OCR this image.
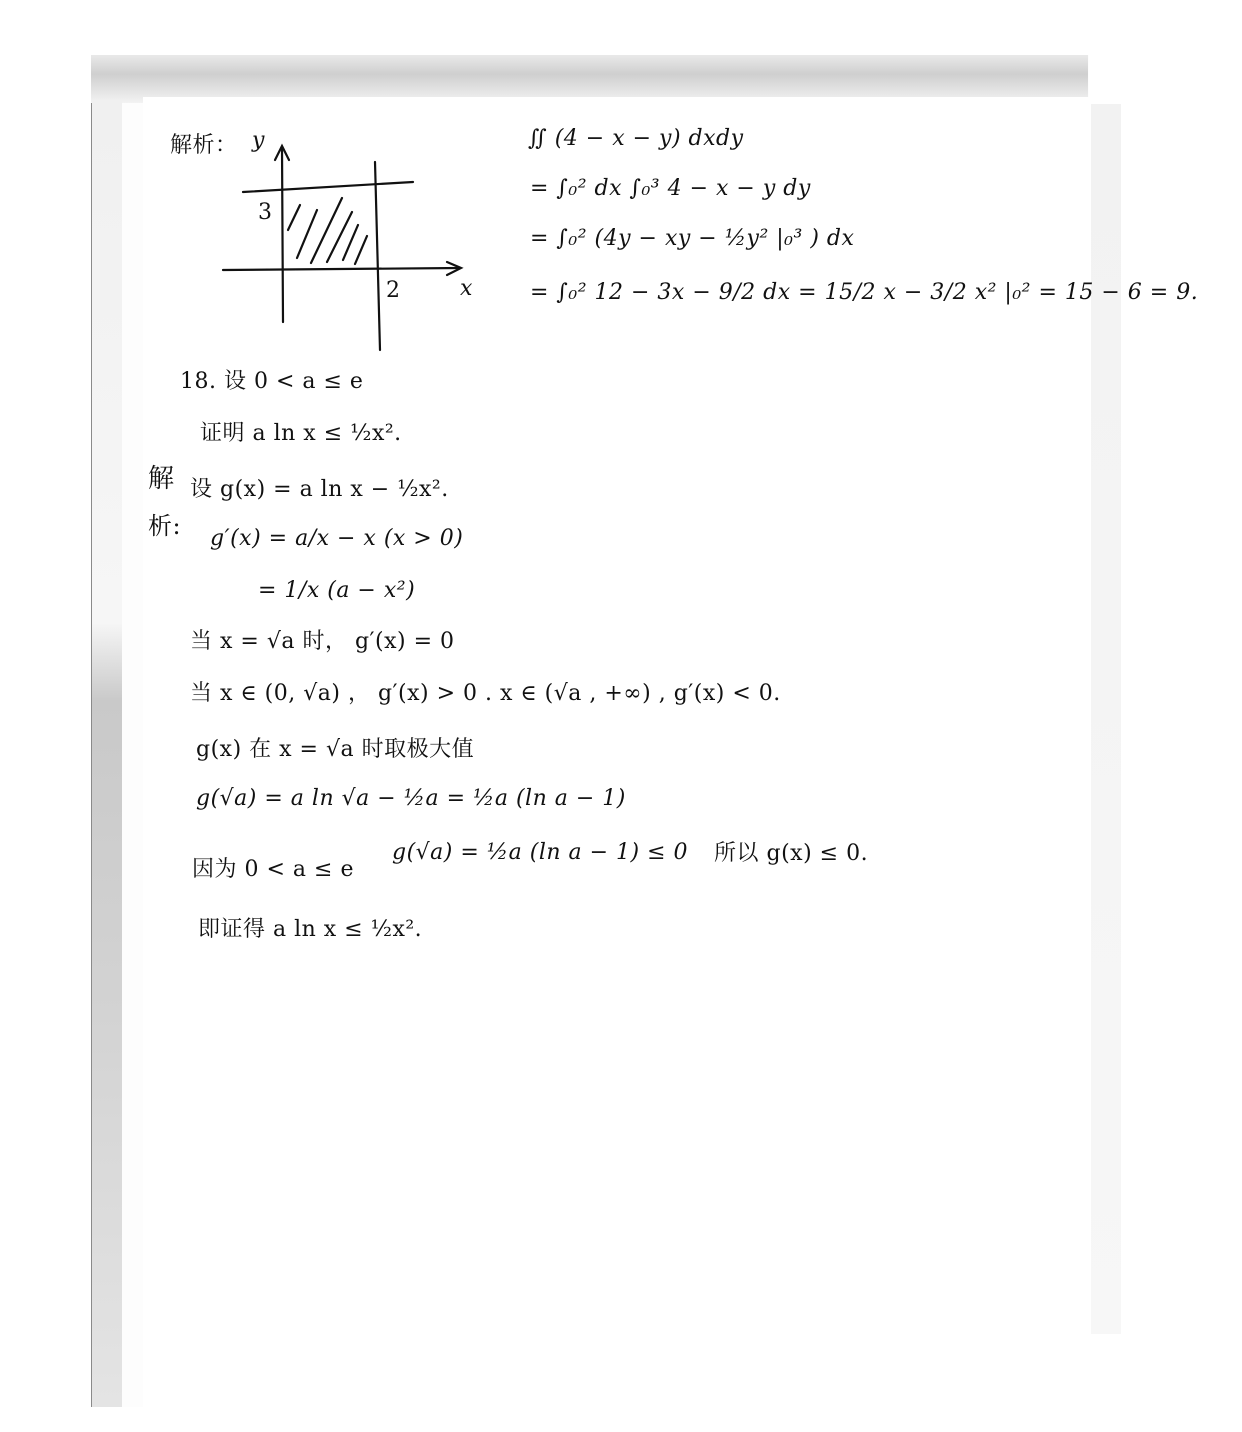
解析： y
x
3
2
∬ (4 − x − y) dxdy
= ∫₀² dx ∫₀³ 4 − x − y dy
= ∫₀² (4y − xy − ½y² |₀³ ) dx
= ∫₀² 12 − 3x − 9/2 dx = 15/2 x − 3/2 x² |₀² = 15 − 6 = 9.
18. 设 0 < a ≤ e
证明 a ln x ≤ ½x².
解
析:
设 g(x) = a ln x − ½x².
g′(x) = a/x − x (x > 0)
= 1/x (a − x²)
当 x = √a 时， g′(x) = 0
当 x ∈ (0, √a) ， g′(x) > 0 . x ∈ (√a , +∞) , g′(x) < 0.
g(x) 在 x = √a 时取极大值
g(√a) = a ln √a − ½a = ½a (ln a − 1)
因为 0 < a ≤ e
g(√a) = ½a (ln a − 1) ≤ 0 所以 g(x) ≤ 0.
即证得 a ln x ≤ ½x².
